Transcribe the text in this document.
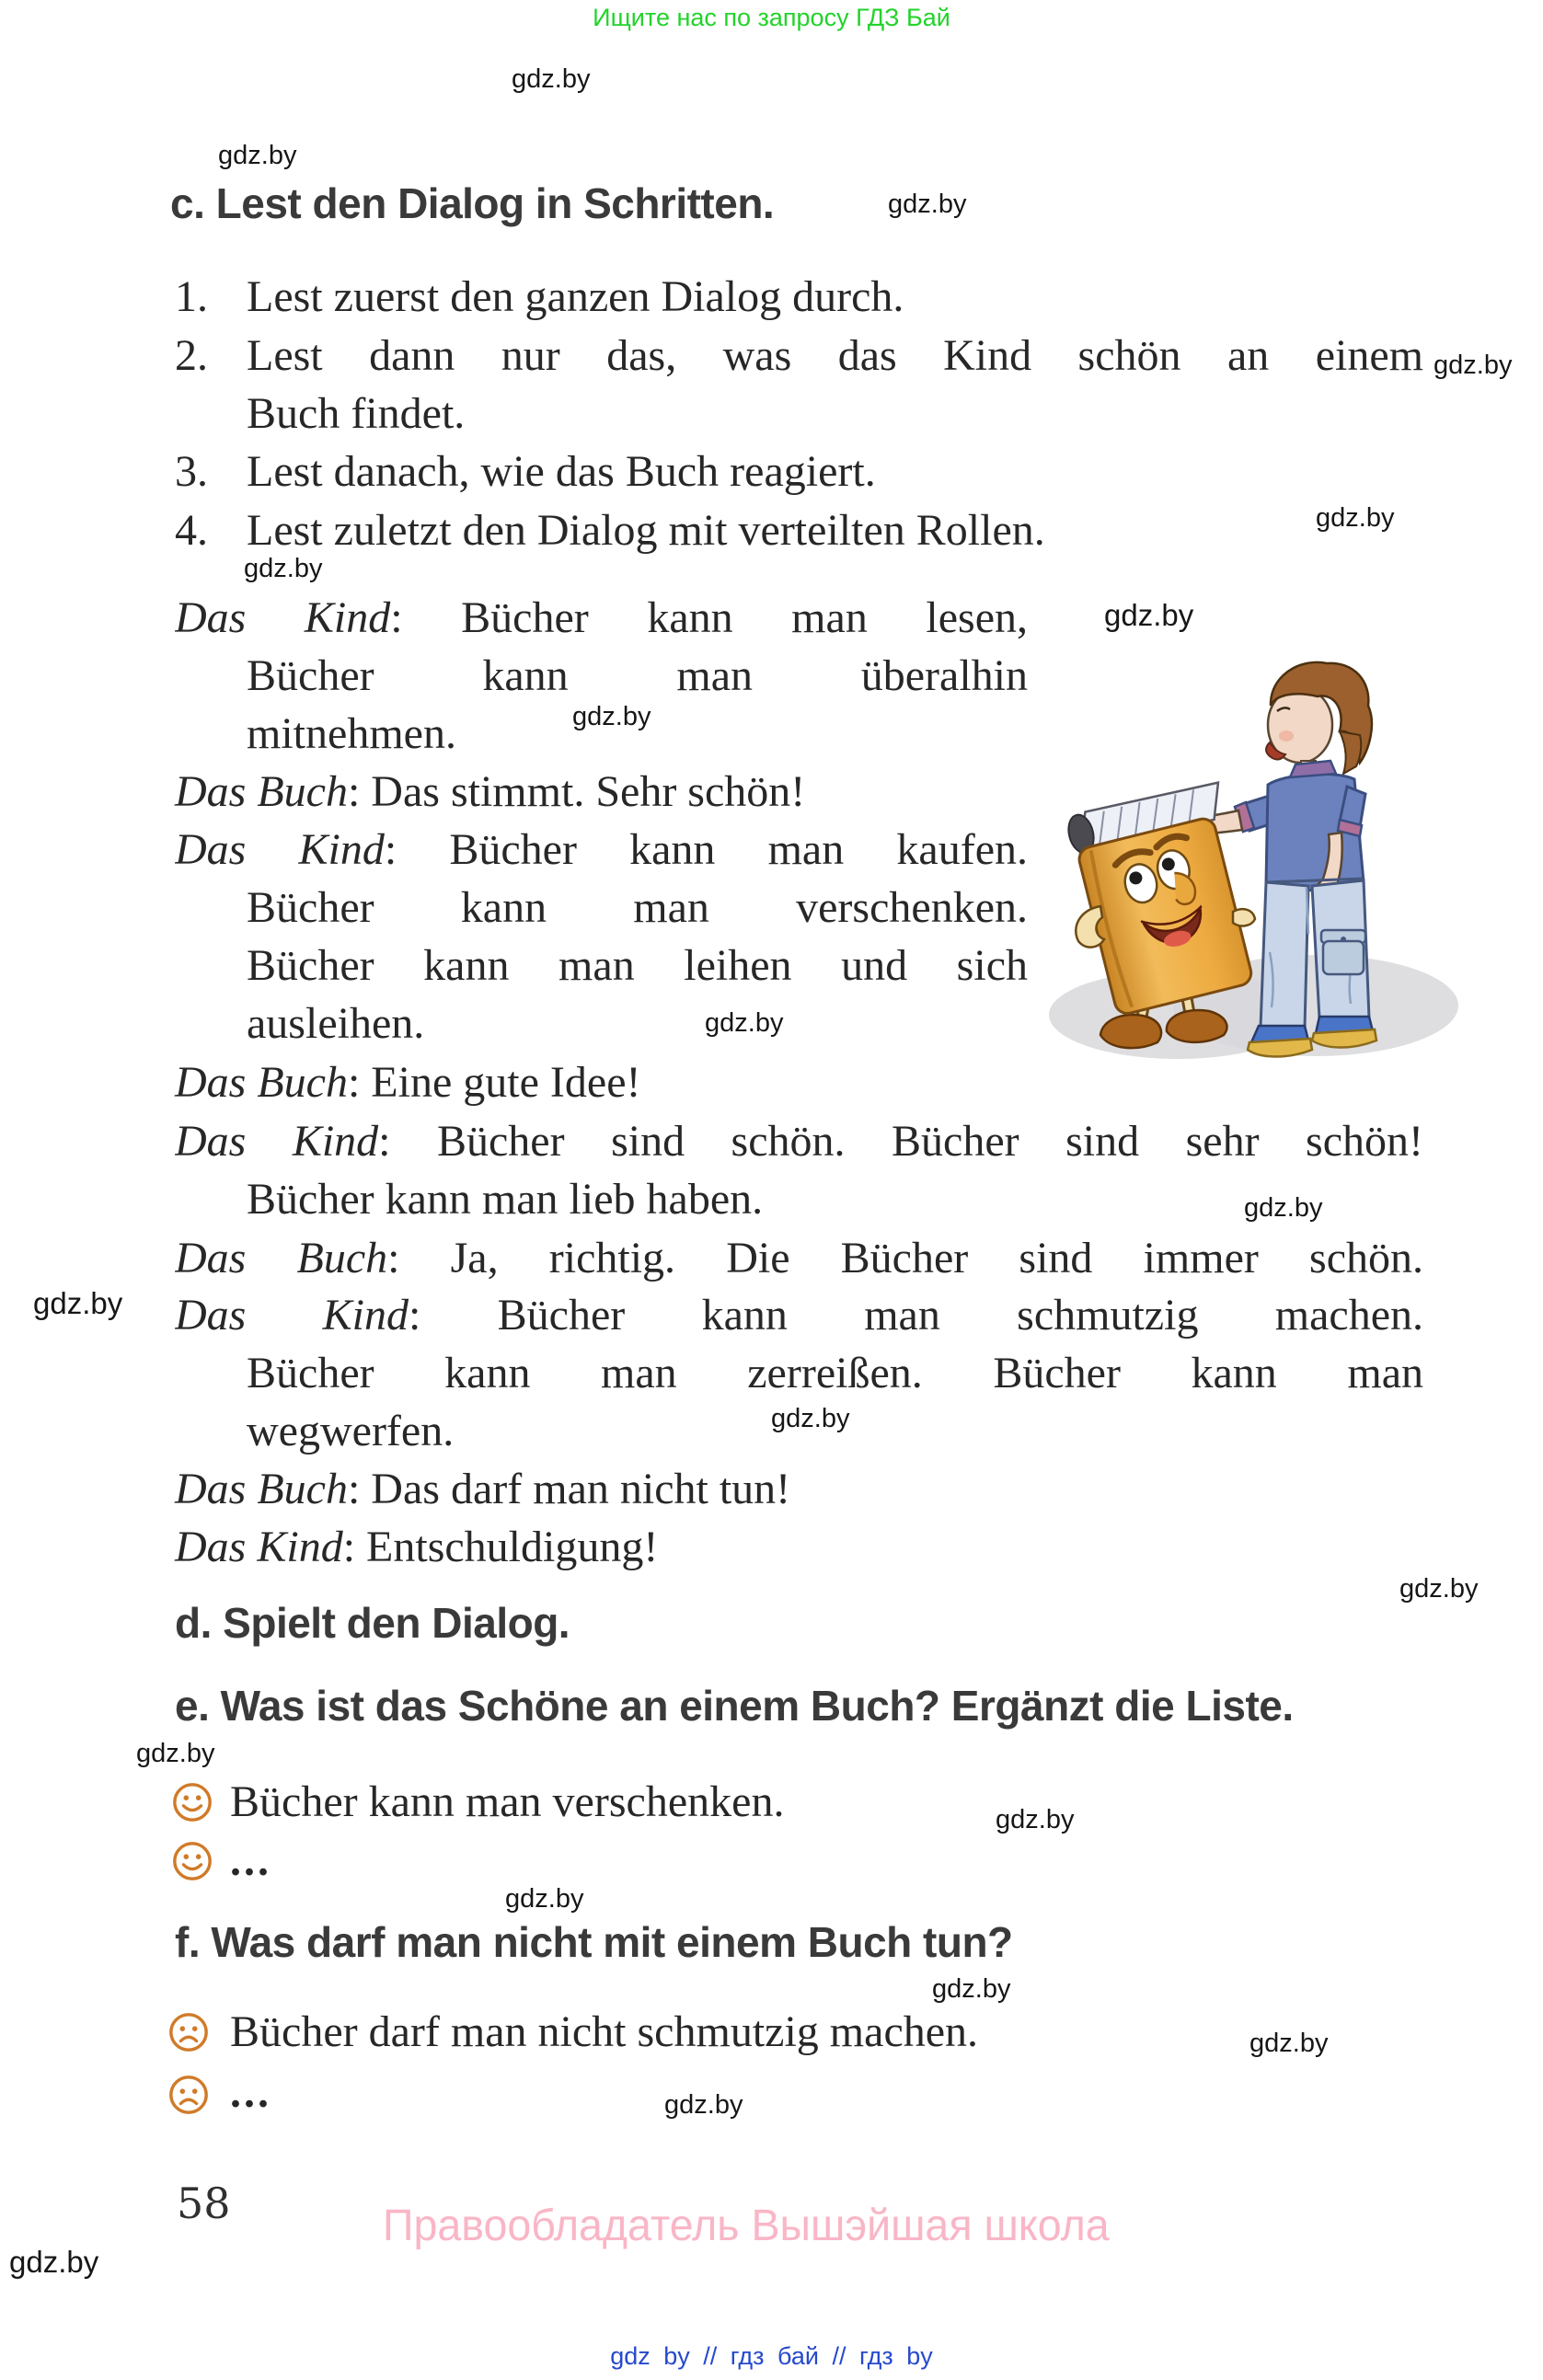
Ищите нас по запросу ГДЗ Бай
gdz.by
gdz.by
gdz.by
gdz.by
gdz.by
gdz.by
gdz.by
gdz.by
gdz.by
gdz.by
gdz.by
gdz.by
gdz.by
gdz.by
gdz.by
gdz.by
gdz.by
gdz.by
gdz.by
gdz.by
c. Lest den Dialog in Schritten.
1. Lest zuerst den ganzen Dialog durch.
2. Lest dann nur das, was das Kind schön an einem
Buch findet.
3. Lest danach, wie das Buch reagiert.
4. Lest zuletzt den Dialog mit verteilten Rollen.
Das Kind: Bücher kann man lesen,
Bücher kann man überalhin
mitnehmen.
Das Buch: Das stimmt. Sehr schön!
Das Kind: Bücher kann man kaufen.
Bücher kann man verschenken.
Bücher kann man leihen und sich
ausleihen.
Das Buch: Eine gute Idee!
Das Kind: Bücher sind schön. Bücher sind sehr schön!
Bücher kann man lieb haben.
Das Buch: Ja, richtig. Die Bücher sind immer schön.
Das Kind: Bücher kann man schmutzig machen.
Bücher kann man zerreißen. Bücher kann man
wegwerfen.
Das Buch: Das darf man nicht tun!
Das Kind: Entschuldigung!
d. Spielt den Dialog.
e. Was ist das Schöne an einem Buch? Ergänzt die Liste.
f. Was darf man nicht mit einem Buch tun?
Bücher kann man verschenken.
...
Bücher darf man nicht schmutzig machen.
...
58	Правообладатель Вышэйшая школа
gdz by // гдз бай // гдз by
